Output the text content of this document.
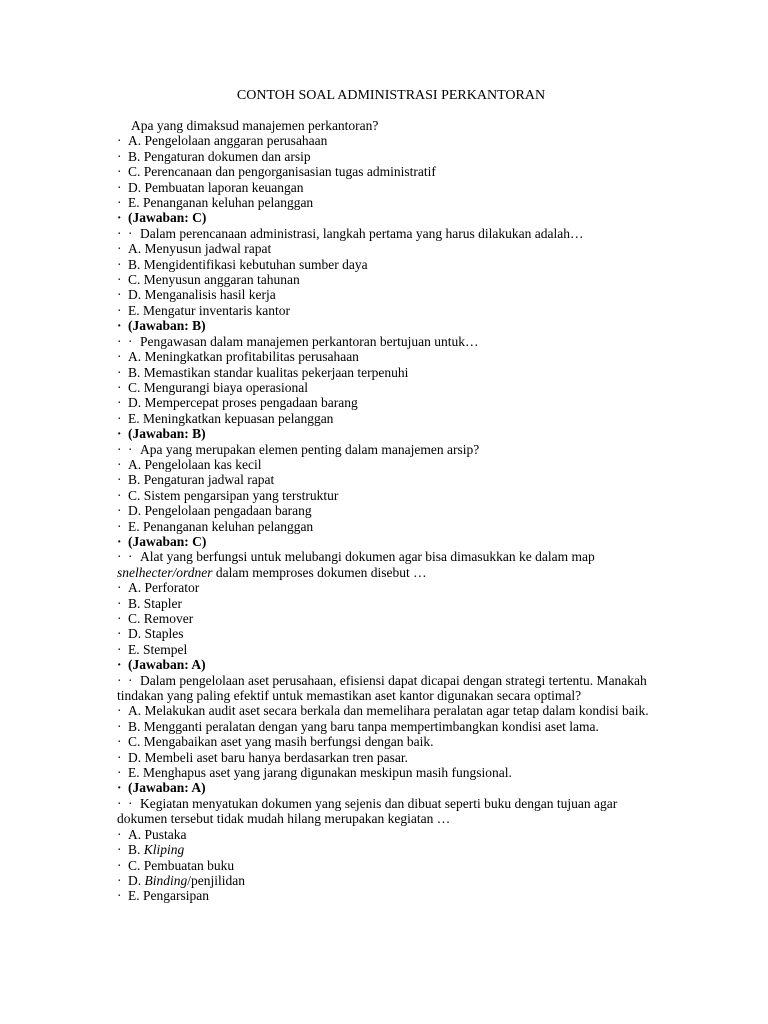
CONTOH SOAL ADMINISTRASI PERKANTORAN
Apa yang dimaksud manajemen perkantoran?
· A. Pengelolaan anggaran perusahaan
· B. Pengaturan dokumen dan arsip
· C. Perencanaan dan pengorganisasian tugas administratif
· D. Pembuatan laporan keuangan
· E. Penanganan keluhan pelanggan
· (Jawaban: C)
· · Dalam perencanaan administrasi, langkah pertama yang harus dilakukan adalah…
· A. Menyusun jadwal rapat
· B. Mengidentifikasi kebutuhan sumber daya
· C. Menyusun anggaran tahunan
· D. Menganalisis hasil kerja
· E. Mengatur inventaris kantor
· (Jawaban: B)
· · Pengawasan dalam manajemen perkantoran bertujuan untuk…
· A. Meningkatkan profitabilitas perusahaan
· B. Memastikan standar kualitas pekerjaan terpenuhi
· C. Mengurangi biaya operasional
· D. Mempercepat proses pengadaan barang
· E. Meningkatkan kepuasan pelanggan
· (Jawaban: B)
· · Apa yang merupakan elemen penting dalam manajemen arsip?
· A. Pengelolaan kas kecil
· B. Pengaturan jadwal rapat
· C. Sistem pengarsipan yang terstruktur
· D. Pengelolaan pengadaan barang
· E. Penanganan keluhan pelanggan
· (Jawaban: C)
· · Alat yang berfungsi untuk melubangi dokumen agar bisa dimasukkan ke dalam map
snelhecter/ordner dalam memproses dokumen disebut …
· A. Perforator
· B. Stapler
· C. Remover
· D. Staples
· E. Stempel
· (Jawaban: A)
· · Dalam pengelolaan aset perusahaan, efisiensi dapat dicapai dengan strategi tertentu. Manakah tindakan yang paling efektif untuk memastikan aset kantor digunakan secara optimal?
· A. Melakukan audit aset secara berkala dan memelihara peralatan agar tetap dalam kondisi baik.
· B. Mengganti peralatan dengan yang baru tanpa mempertimbangkan kondisi aset lama.
· C. Mengabaikan aset yang masih berfungsi dengan baik.
· D. Membeli aset baru hanya berdasarkan tren pasar.
· E. Menghapus aset yang jarang digunakan meskipun masih fungsional.
· (Jawaban: A)
· · Kegiatan menyatukan dokumen yang sejenis dan dibuat seperti buku dengan tujuan agar dokumen tersebut tidak mudah hilang merupakan kegiatan …
· A. Pustaka
· B. Kliping
· C. Pembuatan buku
· D. Binding/penjilidan
· E. Pengarsipan
